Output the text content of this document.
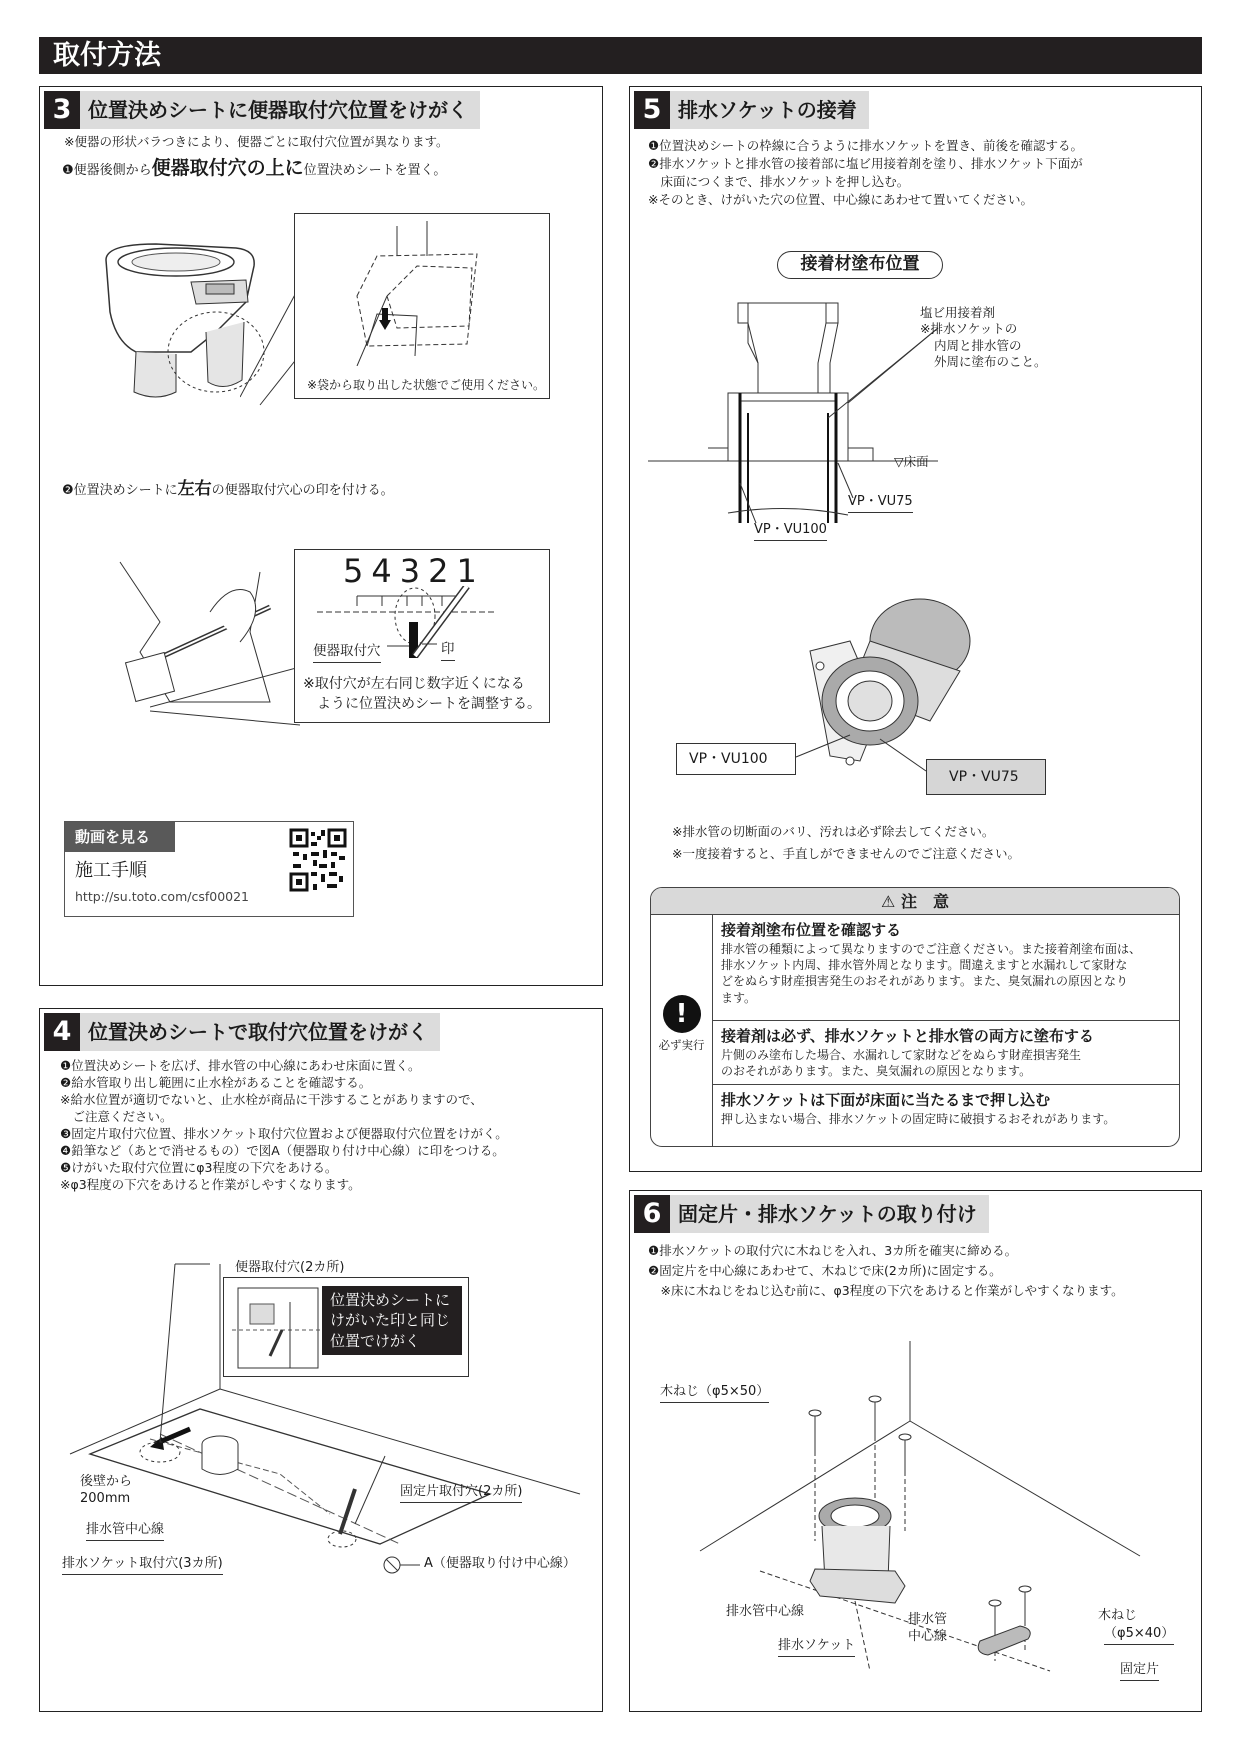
取付方法
3 位置決めシートに便器取付穴位置をけがく
※便器の形状バラつきにより、便器ごとに取付穴位置が異なります。
❶便器後側から便器取付穴の上に位置決めシートを置く。
※袋から取り出した状態でご使用ください。
❷位置決めシートに左右の便器取付穴心の印を付ける。
54321
便器取付穴	印
※取付穴が左右同じ数字近くになる
ように位置決めシートを調整する。
動画を見る
施工手順
http://su.toto.com/csf00021
4 位置決めシートで取付穴位置をけがく
❶位置決めシートを広げ、排水管の中心線にあわせ床面に置く。
❷給水管取り出し範囲に止水栓があることを確認する。
※給水位置が適切でないと、止水栓が商品に干渉することがありますので、
　ご注意ください。
❸固定片取付穴位置、排水ソケット取付穴位置および便器取付穴位置をけがく。
❹鉛筆など（あとで消せるもの）で図A（便器取り付け中心線）に印をつける。
❺けがいた取付穴位置にφ3程度の下穴をあける。
※φ3程度の下穴をあけると作業がしやすくなります。
便器取付穴(2カ所)
位置決めシートに
けがいた印と同じ
位置でけがく
後壁から
200mm	固定片取付穴(2カ所)
排水管中心線
排水ソケット取付穴(3カ所)	A（便器取り付け中心線）
5 排水ソケットの接着
❶位置決めシートの枠線に合うように排水ソケットを置き、前後を確認する。
❷排水ソケットと排水管の接着部に塩ビ用接着剤を塗り、排水ソケット下面が
　床面につくまで、排水ソケットを押し込む。
※そのとき、けがいた穴の位置、中心線にあわせて置いてください。
接着材塗布位置
塩ビ用接着剤
※排水ソケットの
内周と排水管の
外周に塗布のこと。
▽床面
VP・VU75
VP・VU100
VP・VU100
VP・VU75
※排水管の切断面のバリ、汚れは必ず除去してください。
※一度接着すると、手直しができませんのでご注意ください。
⚠ 注　意
!
必ず実行
接着剤塗布位置を確認する
排水管の種類によって異なりますのでご注意ください。また接着剤塗布面は、
排水ソケット内周、排水管外周となります。間違えますと水漏れして家財な
どをぬらす財産損害発生のおそれがあります。また、臭気漏れの原因となり
ます。
接着剤は必ず、排水ソケットと排水管の両方に塗布する
片側のみ塗布した場合、水漏れして家財などをぬらす財産損害発生
のおそれがあります。また、臭気漏れの原因となります。
排水ソケットは下面が床面に当たるまで押し込む
押し込まない場合、排水ソケットの固定時に破損するおそれがあります。
6 固定片・排水ソケットの取り付け
❶排水ソケットの取付穴に木ねじを入れ、3カ所を確実に締める。
❷固定片を中心線にあわせて、木ねじで床(2カ所)に固定する。
　※床に木ねじをねじ込む前に、φ3程度の下穴をあけると作業がしやすくなります。
木ねじ（φ5×50）
排水管中心線
排水ソケット
排水管
中心線
木ねじ
（φ5×40）
固定片
